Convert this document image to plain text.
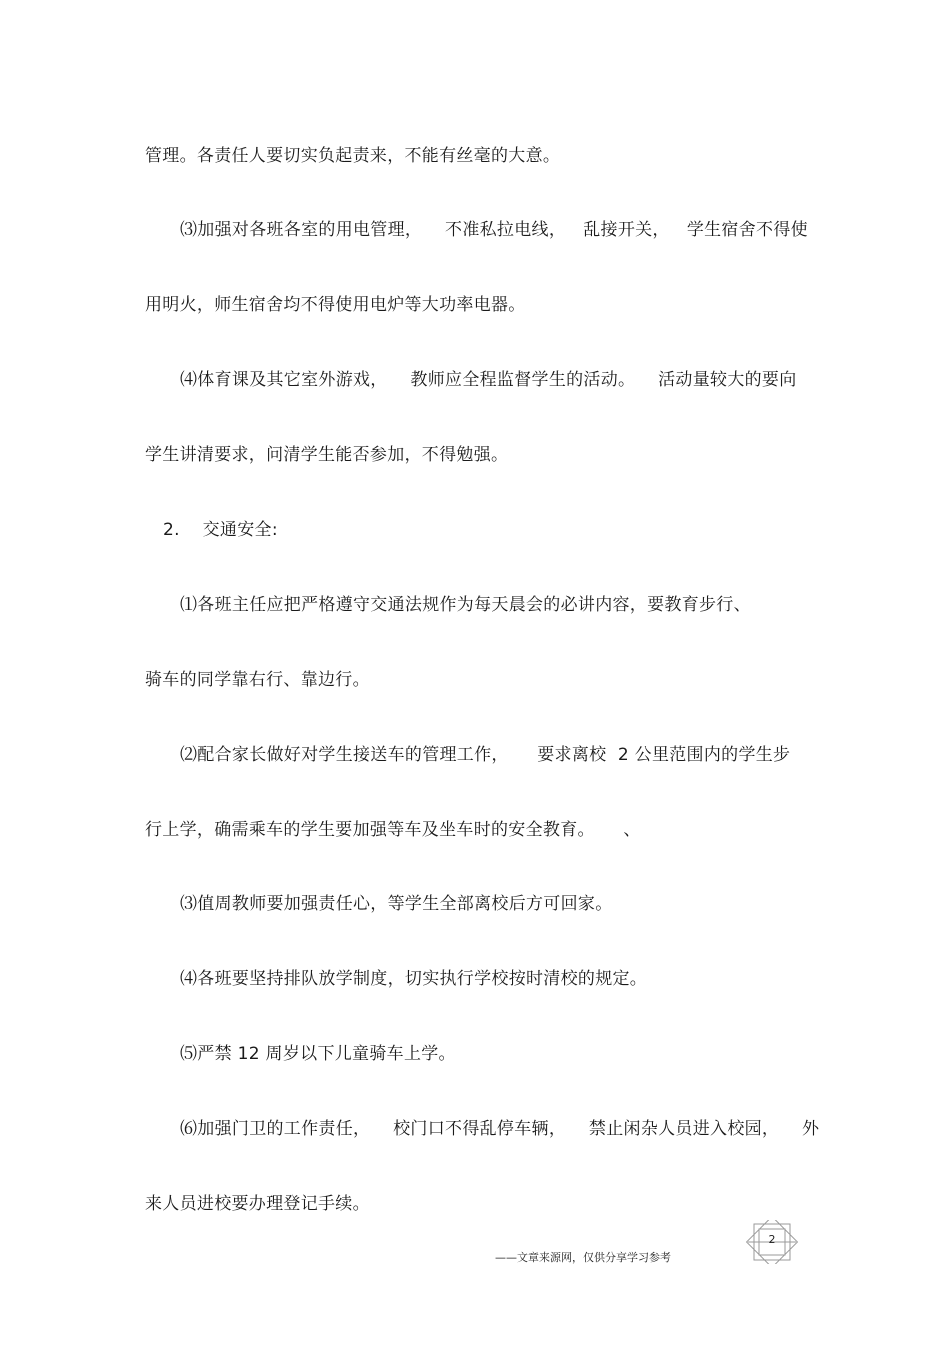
管理。各责任人要切实负起责来，不能有丝毫的大意。
⑶加强对各班各室的用电管理，    不准私拉电线，   乱接开关，   学生宿舍不得使
用明火，师生宿舍均不得使用电炉等大功率电器。
⑷体育课及其它室外游戏，    教师应全程监督学生的活动。    活动量较大的要向
学生讲清要求，问清学生能否参加，不得勉强。
2.    交通安全:
⑴各班主任应把严格遵守交通法规作为每天晨会的必讲内容，要教育步行、
骑车的同学靠右行、靠边行。
⑵配合家长做好对学生接送车的管理工作，     要求离校  2 公里范围内的学生步
行上学，确需乘车的学生要加强等车及坐车时的安全教育。     、
⑶值周教师要加强责任心，等学生全部离校后方可回家。
⑷各班要坚持排队放学制度，切实执行学校按时清校的规定。
⑸严禁 12 周岁以下儿童骑车上学。
⑹加强门卫的工作责任，    校门口不得乱停车辆，    禁止闲杂人员进入校园，    外
来人员进校要办理登记手续。
——文章来源网，仅供分享学习参考
2
